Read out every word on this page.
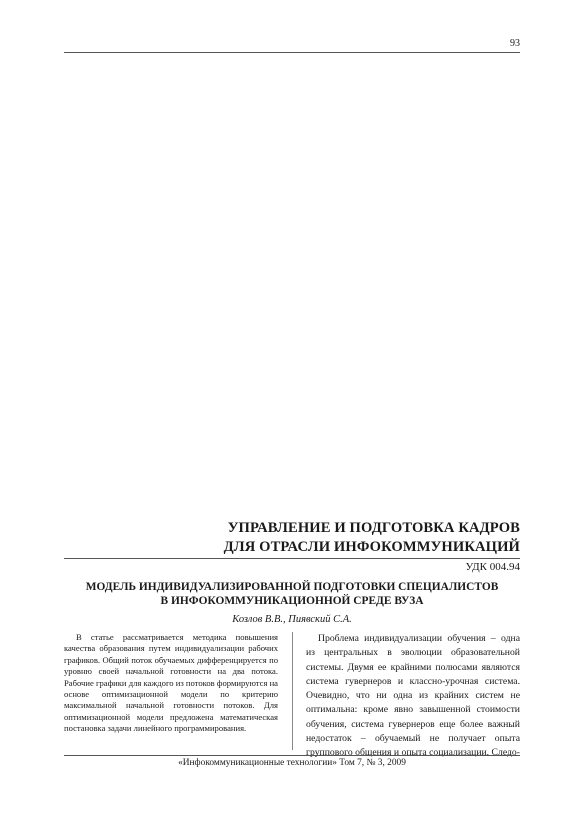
93
УПРАВЛЕНИЕ И ПОДГОТОВКА КАДРОВ
ДЛЯ ОТРАСЛИ ИНФОКОММУНИКАЦИЙ
УДК 004.94
МОДЕЛЬ ИНДИВИДУАЛИЗИРОВАННОЙ ПОДГОТОВКИ СПЕЦИАЛИСТОВ
В ИНФОКОММУНИКАЦИОННОЙ СРЕДЕ ВУЗА
Козлов В.В., Пиявский С.А.

В статье рассматривается методика повышения качества образования путем индивидуализации рабочих графиков. Общий поток обучаемых дифференцируется по уровню своей начальной готовности на два потока. Рабочие графики для каждого из потоков формируются на основе оптимизационной модели по критерию максимальной начальной готовности потоков. Для оптимизационной модели предложена математическая постановка задачи линейного программирования.

Проблема индивидуализации обучения – одна из центральных в эволюции образовательной системы. Двумя ее крайними полюсами являются система гувернеров и классно-урочная система. Очевидно, что ни одна из крайних систем не оптимальна: кроме явно завышенной стоимости обучения, система гувернеров еще более важный недостаток – обучаемый не получает опыта группового общения и опыта социализации. Следо-

«Инфокоммуникационные технологии» Том 7, № 3, 2009
